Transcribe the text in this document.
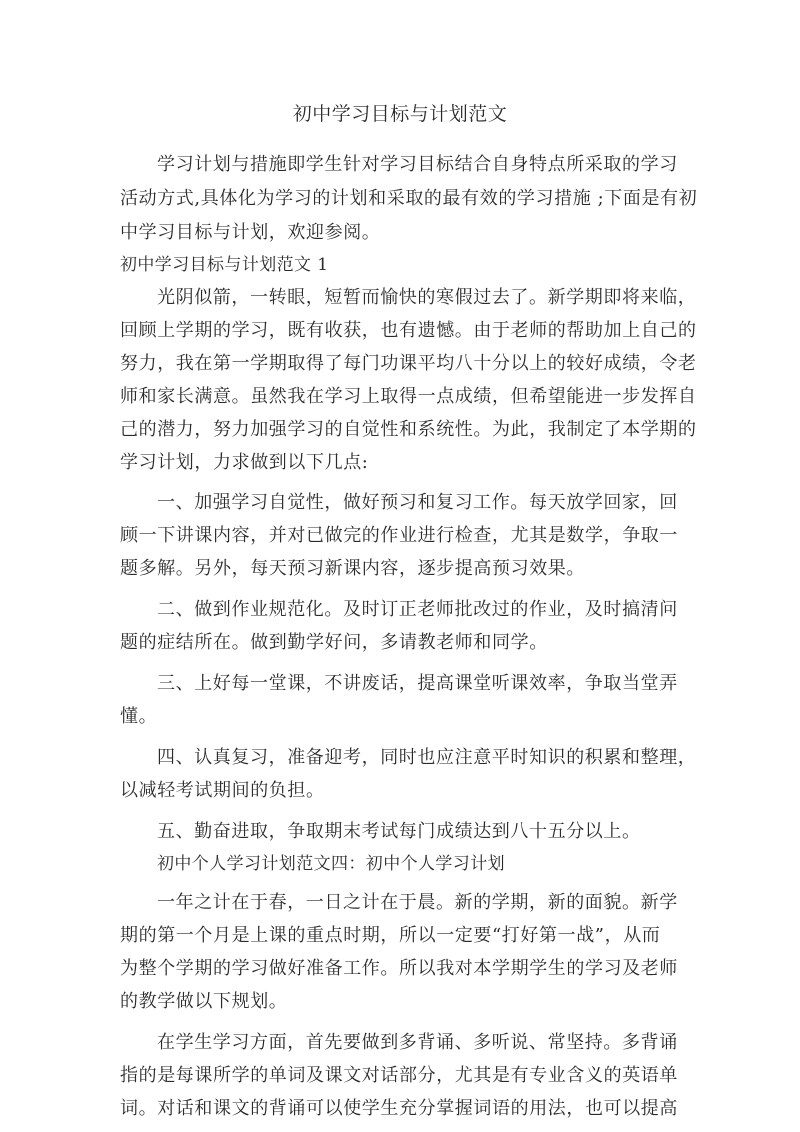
初中学习目标与计划范文
学习计划与措施即学生针对学习目标结合自身特点所采取的学习
活动方式,具体化为学习的计划和采取的最有效的学习措施 ;下面是有初
中学习目标与计划，欢迎参阅。
初中学习目标与计划范文 1
光阴似箭，一转眼，短暂而愉快的寒假过去了。新学期即将来临，
回顾上学期的学习，既有收获，也有遗憾。由于老师的帮助加上自己的
努力，我在第一学期取得了每门功课平均八十分以上的较好成绩，令老
师和家长满意。虽然我在学习上取得一点成绩，但希望能进一步发挥自
己的潜力，努力加强学习的自觉性和系统性。为此，我制定了本学期的
学习计划，力求做到以下几点:
一、加强学习自觉性，做好预习和复习工作。每天放学回家，回
顾一下讲课内容，并对已做完的作业进行检查，尤其是数学，争取一
题多解。另外，每天预习新课内容，逐步提高预习效果。
二、做到作业规范化。及时订正老师批改过的作业，及时搞清问
题的症结所在。做到勤学好问，多请教老师和同学。
三、上好每一堂课，不讲废话，提高课堂听课效率，争取当堂弄
懂。
四、认真复习，准备迎考，同时也应注意平时知识的积累和整理，
以减轻考试期间的负担。
五、勤奋进取，争取期末考试每门成绩达到八十五分以上。
初中个人学习计划范文四：初中个人学习计划
一年之计在于春，一日之计在于晨。新的学期，新的面貌。新学
期的第一个月是上课的重点时期，所以一定要“打好第一战”，从而
为整个学期的学习做好准备工作。所以我对本学期学生的学习及老师
的教学做以下规划。
在学生学习方面，首先要做到多背诵、多听说、常坚持。多背诵
指的是每课所学的单词及课文对话部分，尤其是有专业含义的英语单
词。对话和课文的背诵可以使学生充分掌握词语的用法，也可以提高
